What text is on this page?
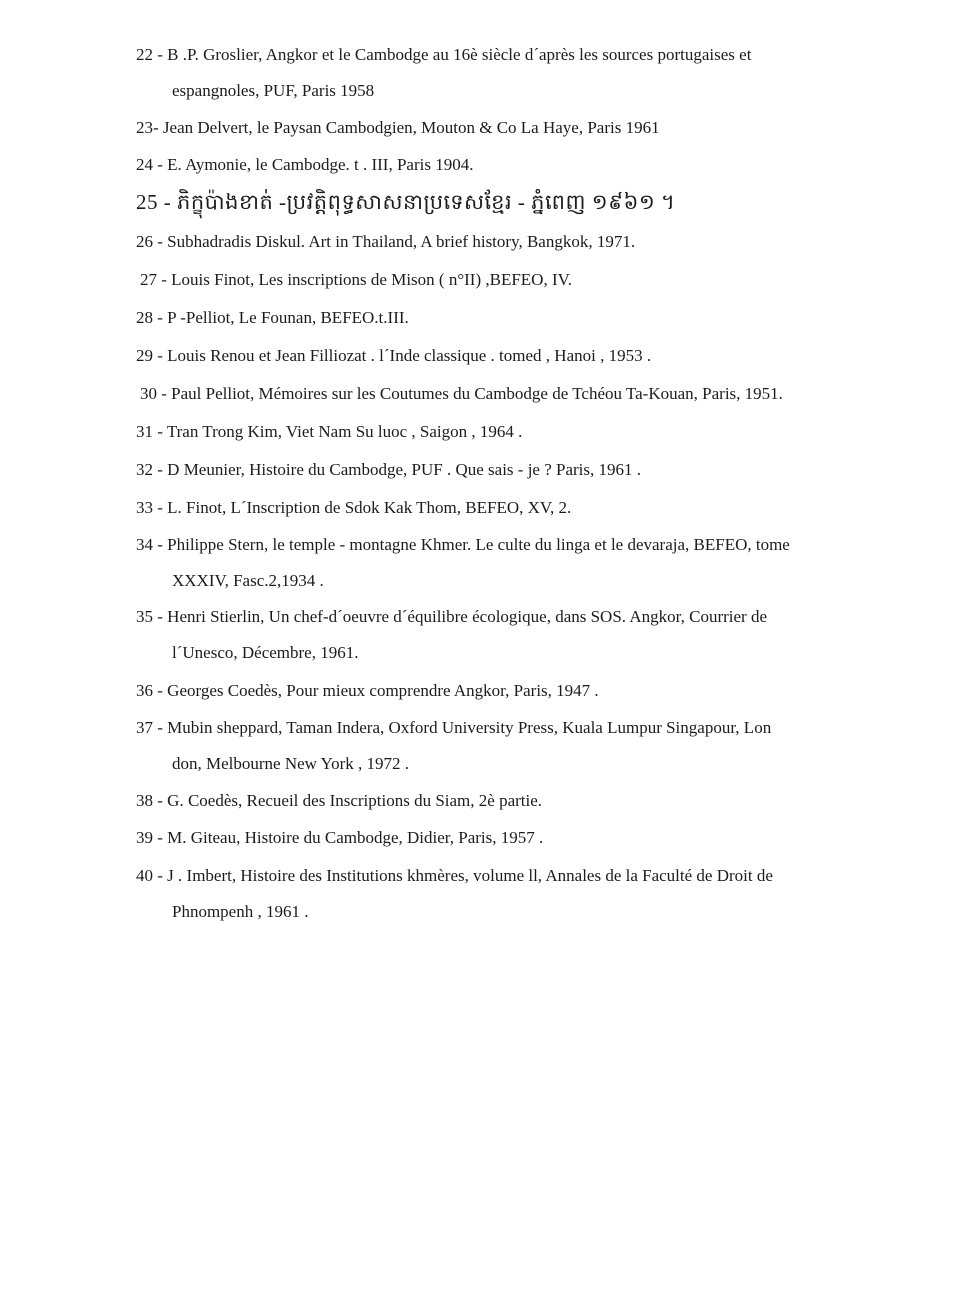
22 - B .P. Groslier, Angkor et le Cambodge au 16è siècle d´après les sources portugaises et
espangnoles, PUF, Paris 1958
23- Jean Delvert, le Paysan Cambodgien, Mouton & Co La Haye, Paris 1961
24 - E. Aymonie, le Cambodge. t . III, Paris 1904.
25 - ភិក្ខុប៉ាងខាត់ -ប្រវត្តិពុទ្ធសាសនាប្រទេសខ្មែរ - ភ្នំពេញ ១៩៦១ ។
26 - Subhadradis Diskul. Art in Thailand, A brief history, Bangkok, 1971.
27 - Louis Finot, Les inscriptions de Mison ( n°II) ,BEFEO, IV.
28 - P -Pelliot, Le Founan, BEFEO.t.III.
29 - Louis Renou et Jean Filliozat . l´Inde classique . tomed , Hanoi , 1953 .
30 - Paul Pelliot, Mémoires sur les Coutumes du Cambodge de Tchéou Ta-Kouan, Paris, 1951.
31 - Tran Trong Kim, Viet Nam Su luoc , Saigon , 1964 .
32 - D Meunier, Histoire du Cambodge, PUF . Que sais - je ? Paris, 1961 .
33 - L. Finot, L´Inscription de Sdok Kak Thom, BEFEO, XV, 2.
34 - Philippe Stern, le temple - montagne Khmer. Le culte du linga et le devaraja, BEFEO, tome
XXXIV, Fasc.2,1934 .
35 - Henri Stierlin, Un chef-d´oeuvre d´équilibre écologique, dans SOS. Angkor, Courrier de
l´Unesco, Décembre, 1961.
36 - Georges Coedès, Pour mieux comprendre Angkor, Paris, 1947 .
37 - Mubin sheppard, Taman Indera, Oxford University Press, Kuala Lumpur Singapour, Lon
don, Melbourne New York , 1972 .
38 - G. Coedès, Recueil des Inscriptions du Siam, 2è partie.
39 - M. Giteau, Histoire du Cambodge, Didier, Paris, 1957 .
40 - J . Imbert, Histoire des Institutions khmères, volume ll, Annales de la Faculté de Droit de
Phnompenh , 1961 .
